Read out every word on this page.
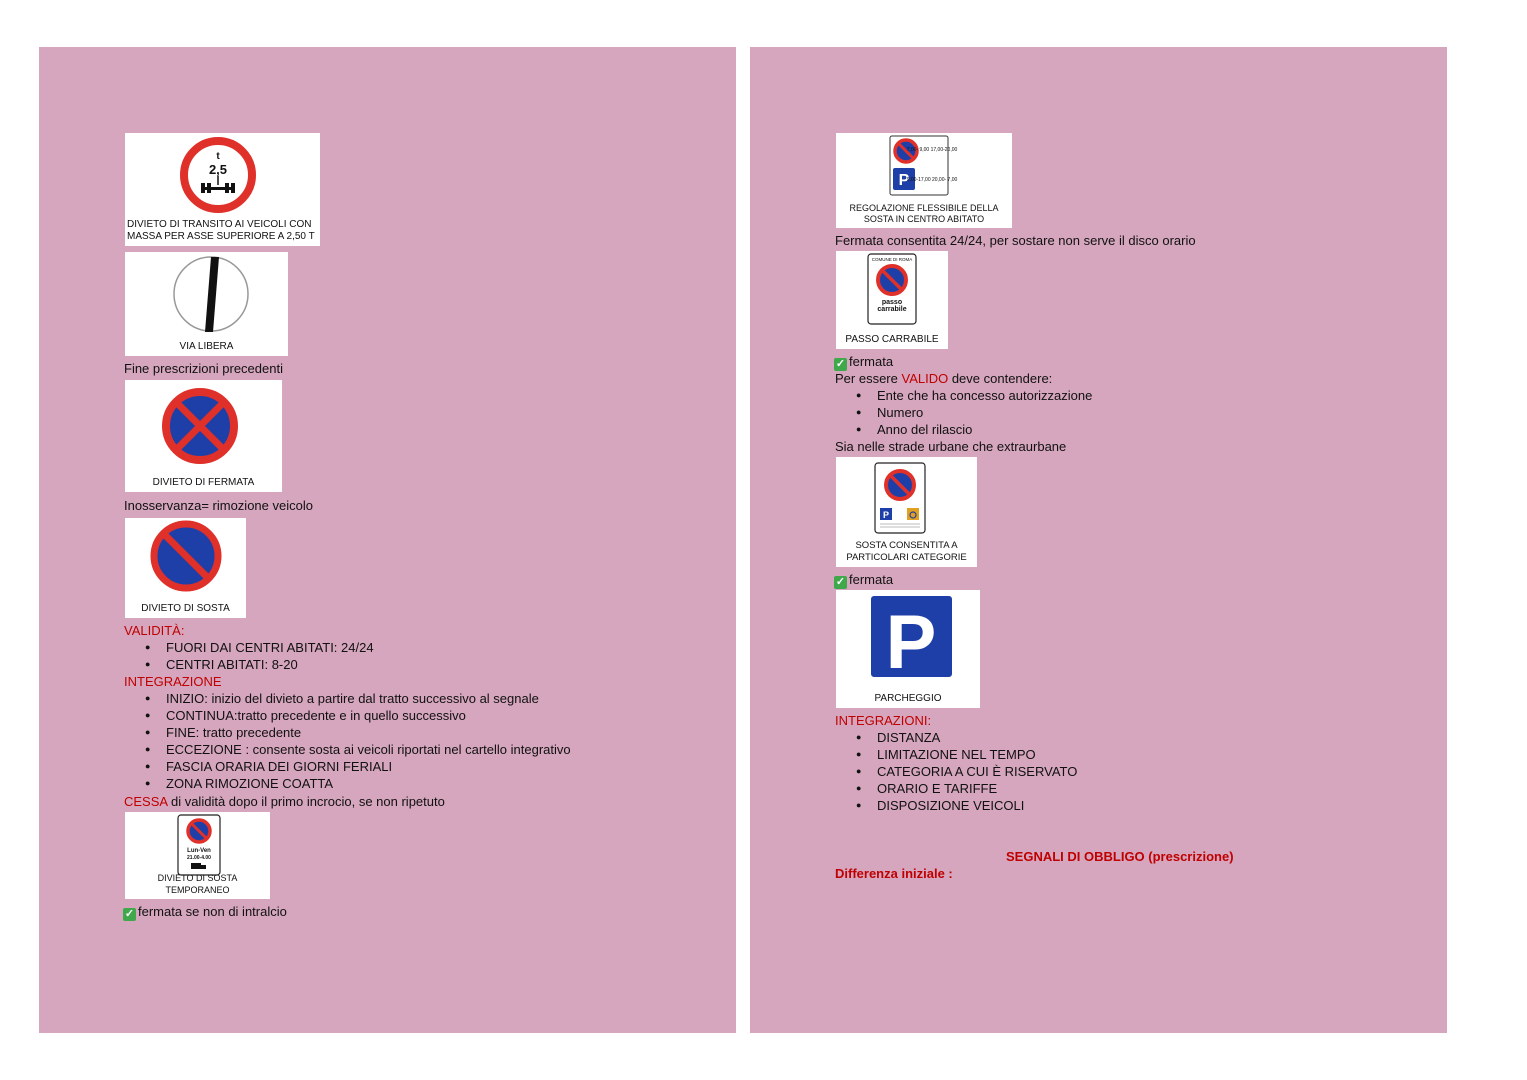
t
2,5
DIVIETO DI TRANSITO AI VEICOLI CON MASSA PER ASSE SUPERIORE A 2,50 T
VIA LIBERA
Fine prescrizioni precedenti
DIVIETO DI FERMATA
Inosservanza= rimozione veicolo
DIVIETO DI SOSTA
VALIDITÀ:
● FUORI DAI CENTRI ABITATI: 24/24
● CENTRI ABITATI: 8-20
INTEGRAZIONE
● INIZIO: inizio del divieto a partire dal tratto successivo al segnale
● CONTINUA:tratto precedente e in quello successivo
● FINE: tratto precedente
● ECCEZIONE : consente sosta ai veicoli riportati nel cartello integrativo
● FASCIA ORARIA DEI GIORNI FERIALI
● ZONA RIMOZIONE COATTA
CESSA di validità dopo il primo incrocio, se non ripetuto
Lun-Ven
21.00-4.00
DIVIETO DI SOSTA TEMPORANEO
✓ fermata se non di intralcio
7,00- 9,00 17,00-20,00
P
9,00-17,00 20,00- 7,00
REGOLAZIONE FLESSIBILE DELLA SOSTA IN CENTRO ABITATO
Fermata consentita 24/24, per sostare non serve il disco orario
COMUNE DI ROMA
passo
carrabile
PASSO CARRABILE
✓ fermata
Per essere VALIDO deve contendere:
● Ente che ha concesso autorizzazione
● Numero
● Anno del rilascio
Sia nelle strade urbane che extraurbane
P
SOSTA CONSENTITA A PARTICOLARI CATEGORIE
✓ fermata
P
PARCHEGGIO
INTEGRAZIONI:
● DISTANZA
● LIMITAZIONE NEL TEMPO
● CATEGORIA A CUI È RISERVATO
● ORARIO E TARIFFE
● DISPOSIZIONE VEICOLI
SEGNALI DI OBBLIGO (prescrizione)
Differenza iniziale :
